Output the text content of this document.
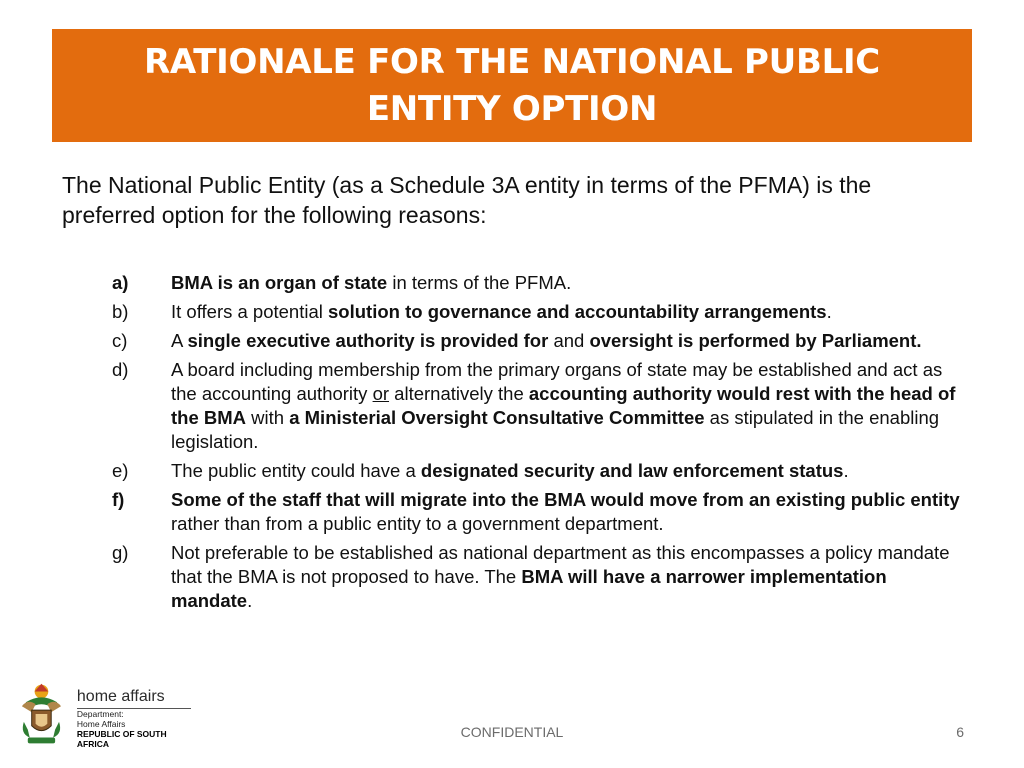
RATIONALE FOR THE NATIONAL PUBLIC ENTITY OPTION

The National Public Entity (as a Schedule 3A entity in terms of the PFMA) is the preferred option for the following reasons:

a)	BMA is an organ of state in terms of the PFMA.
b)	It offers a potential solution to governance and accountability arrangements.
c)	A single executive authority is provided for and oversight is performed by Parliament.
d)	A board including membership from the primary organs of state may be established and act as the accounting authority or alternatively the accounting authority would rest with the head of the BMA with a Ministerial Oversight Consultative Committee as stipulated in the enabling legislation.
e)	The public entity could have a designated security and law enforcement status.
f)	Some of the staff that will migrate into the BMA would move from an existing public entity rather than from a public entity to a government department.
g)	Not preferable to be established as national department as this encompasses a policy mandate that the BMA is not proposed to have. The BMA will have a narrower implementation mandate.
home affairs
Department:
Home Affairs
REPUBLIC OF SOUTH AFRICA
CONFIDENTIAL	6
